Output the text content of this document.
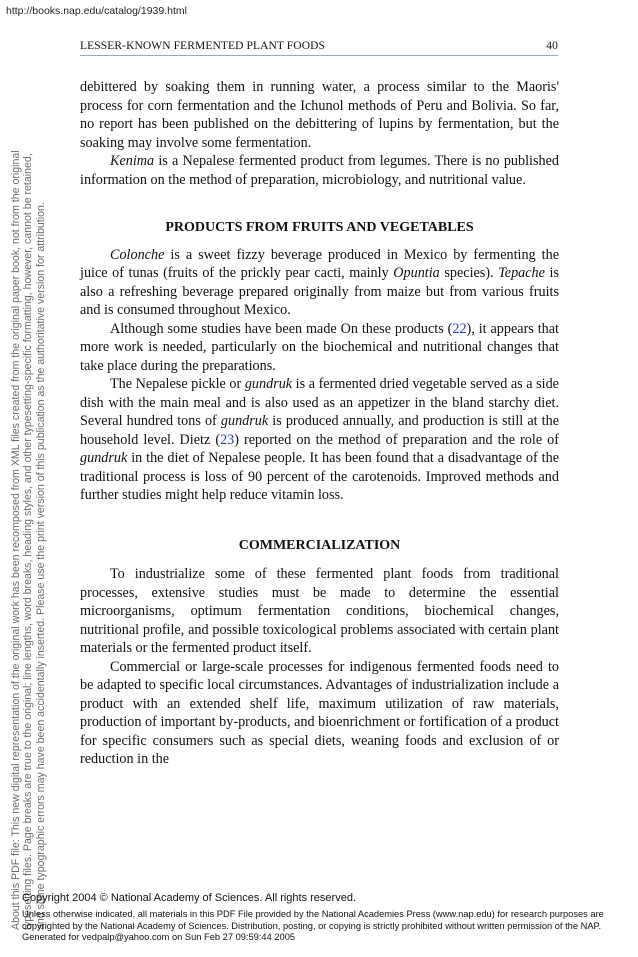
http://books.nap.edu/catalog/1939.html
About this PDF file: This new digital representation of the original work has been recomposed from XML files created from the original paper book, not from the original typesetting files. Page breaks are true to the original; line lengths, word breaks, heading styles, and other typesetting-specific formatting, however, cannot be retained, and some typographic errors may have been accidentally inserted. Please use the print version of this publication as the authoritative version for attribution.
LESSER-KNOWN FERMENTED PLANT FOODS	40

debittered by soaking them in running water, a process similar to the Maoris' process for corn fermentation and the Ichunol methods of Peru and Bolivia. So far, no report has been published on the debittering of lupins by fermentation, but the soaking may involve some fermentation.

Kenima is a Nepalese fermented product from legumes. There is no published information on the method of preparation, microbiology, and nutritional value.

PRODUCTS FROM FRUITS AND VEGETABLES

Colonche is a sweet fizzy beverage produced in Mexico by fermenting the juice of tunas (fruits of the prickly pear cacti, mainly Opuntia species). Tepache is also a refreshing beverage prepared originally from maize but from various fruits and is consumed throughout Mexico.

Although some studies have been made On these products (22), it appears that more work is needed, particularly on the biochemical and nutritional changes that take place during the preparations.

The Nepalese pickle or gundruk is a fermented dried vegetable served as a side dish with the main meal and is also used as an appetizer in the bland starchy diet. Several hundred tons of gundruk is produced annually, and production is still at the household level. Dietz (23) reported on the method of preparation and the role of gundruk in the diet of Nepalese people. It has been found that a disadvantage of the traditional process is loss of 90 percent of the carotenoids. Improved methods and further studies might help reduce vitamin loss.

COMMERCIALIZATION

To industrialize some of these fermented plant foods from traditional processes, extensive studies must be made to determine the essential microorganisms, optimum fermentation conditions, biochemical changes, nutritional profile, and possible toxicological problems associated with certain plant materials or the fermented product itself.

Commercial or large-scale processes for indigenous fermented foods need to be adapted to specific local circumstances. Advantages of industrialization include a product with an extended shelf life, maximum utilization of raw materials, production of important by-products, and bioenrichment or fortification of a product for specific consumers such as special diets, weaning foods and exclusion of or reduction in the

Copyright 2004 © National Academy of Sciences. All rights reserved.
Unless otherwise indicated, all materials in this PDF File provided by the National Academies Press (www.nap.edu) for research purposes are copyrighted by the National Academy of Sciences. Distribution, posting, or copying is strictly prohibited without written permission of the NAP.
Generated for vedpalp@yahoo.com on Sun Feb 27 09:59:44 2005
